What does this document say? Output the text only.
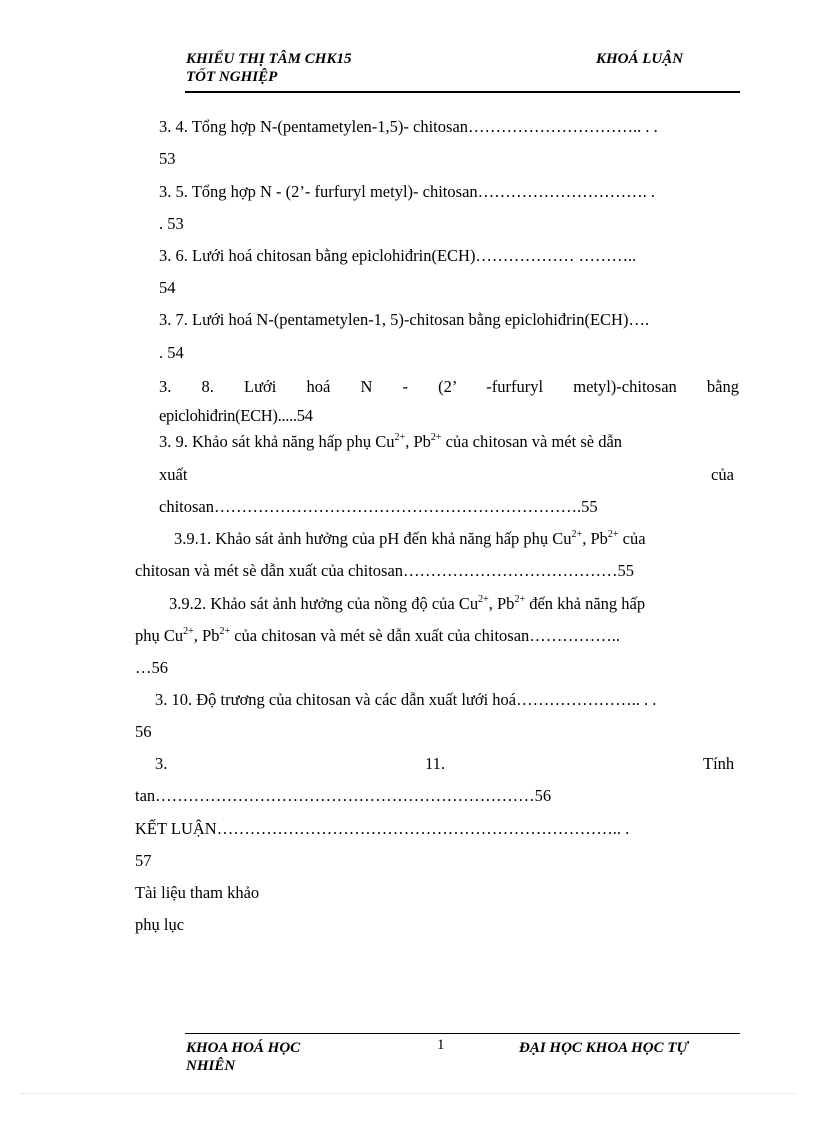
KHIẾU THỊ TÂM CHK15
TỐT NGHIỆP
KHOÁ LUẬN
3. 4. Tổng hợp N-(pentametylen-1,5)- chitosan………………………….. . .
53
3. 5. Tổng hợp N - (2’- furfuryl metyl)- chitosan…………………………. .
. 53
3. 6. Lưới hoá chitosan bằng epiclohiđrin(ECH)……………… ………..
54
3. 7. Lưới hoá N-(pentametylen-1, 5)-chitosan bằng epiclohiđrin(ECH)….
. 54
3. 8. Lưới hoá N - (2’ -furfuryl metyl)-chitosan bằng
epiclohiđrin(ECH).....54
3. 9. Khảo sát khả năng hấp phụ $Cu^{2+}$, $Pb^{2+}$ của chitosan và mét sè dẫn
xuất	của
chitosan………………………………………………………….55
3.9.1. Khảo sát ảnh hưởng của pH đến khả năng hấp phụ $Cu^{2+}$, $Pb^{2+}$ của
chitosan và mét sè dẫn xuất của chitosan…………………………………55
3.9.2. Khảo sát ảnh hưởng của nồng độ của $Cu^{2+}$, $Pb^{2+}$ đến khả năng hấp
phụ $Cu^{2+}$, $Pb^{2+}$ của chitosan và mét sè dẫn xuất của chitosan……………..
…56
3. 10. Độ trương của chitosan và các dẫn xuất lưới hoá………………….. . .
56
3.	11.	Tính
tan……………………………………………………………56
KẾT LUẬN……………………………………………………………….. .
57
Tài liệu tham khảo
phụ lục
KHOA HOÁ HỌC
NHIÊN
1	ĐẠI HỌC KHOA HỌC TỰ
